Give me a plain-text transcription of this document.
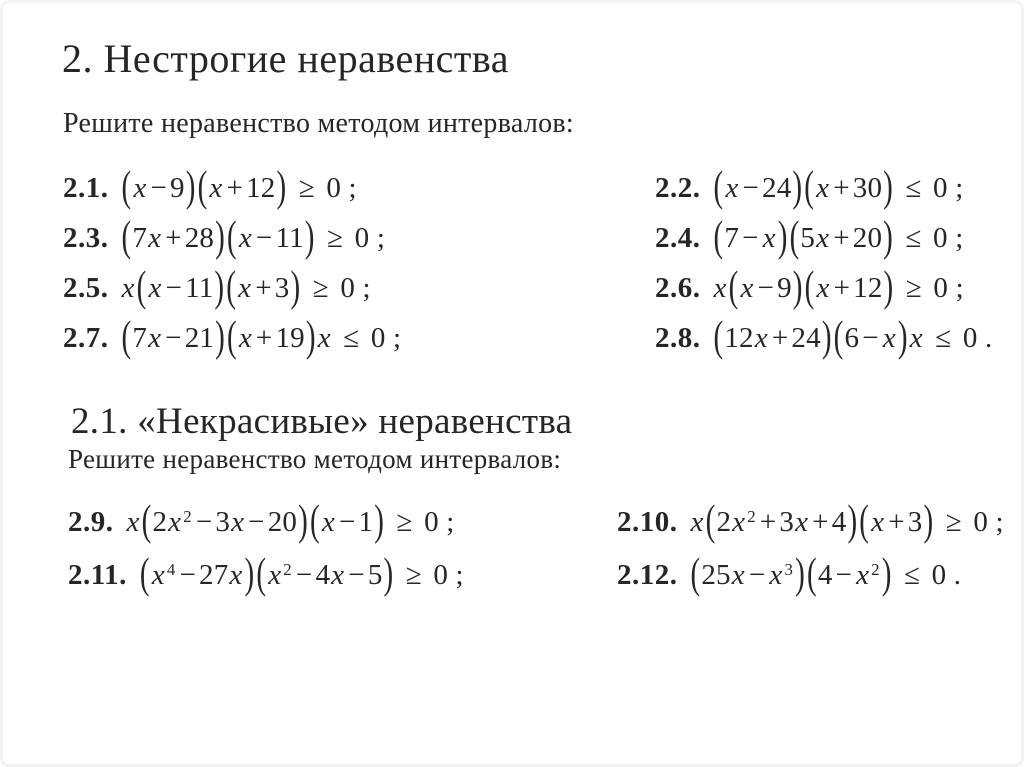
2. Нестрогие неравенства

Решите неравенство методом интервалов:

2.1. (x − 9)(x + 12) ≥ 0 ;	2.2. (x − 24)(x + 30) ≤ 0 ;
2.3. (7x + 28)(x − 11) ≥ 0 ;	2.4. (7 − x)(5x + 20) ≤ 0 ;
2.5. x(x − 11)(x + 3) ≥ 0 ;	2.6. x(x − 9)(x + 12) ≥ 0 ;
2.7. (7x − 21)(x + 19)x ≤ 0 ;	2.8. (12x + 24)(6 − x)x ≤ 0 .
2.1. «Некрасивые» неравенства

Решите неравенство методом интервалов:

2.9. x(2x $^2$ − 3x − 20)(x − 1) ≥ 0 ;	2.10. x(2x $^2$ + 3x + 4)(x + 3) ≥ 0 ;
2.11. (x $^4$ − 27x)(x $^2$ − 4x − 5) ≥ 0 ;	2.12. (25x − x $^3$)(4 − x $^2$) ≤ 0 .
